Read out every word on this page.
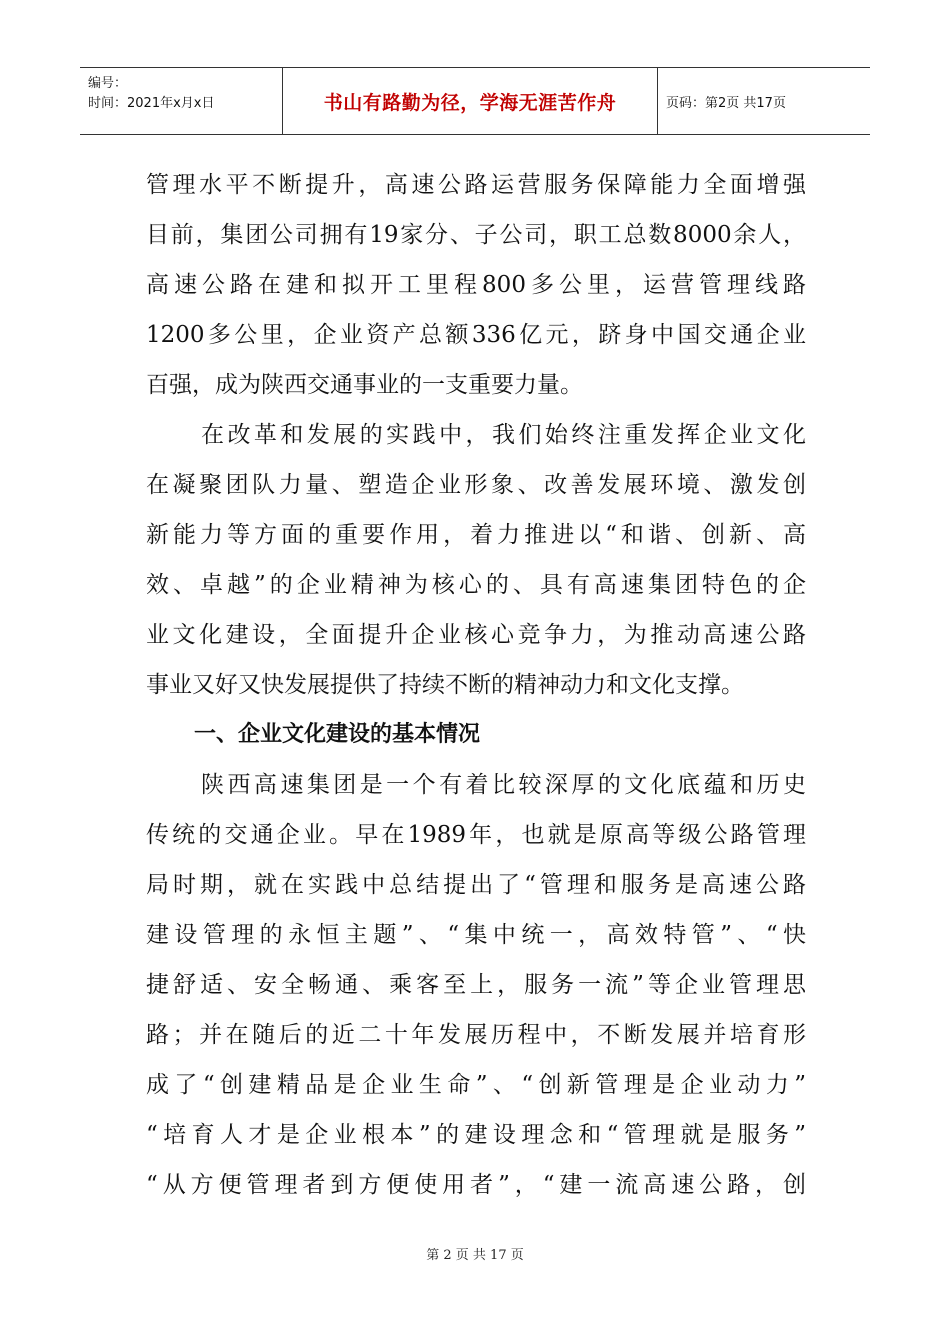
编号：
时间：2021年x月x日	书山有路勤为径，学海无涯苦作舟	页码：第2页 共17页
管理水平不断提升，高速公路运营服务保障能力全面增强
目前，集团公司拥有19家分、子公司，职工总数8000余人，
高速公路在建和拟开工里程800多公里，运营管理线路
1200多公里，企业资产总额336亿元，跻身中国交通企业
百强，成为陕西交通事业的一支重要力量。
在改革和发展的实践中，我们始终注重发挥企业文化
在凝聚团队力量、塑造企业形象、改善发展环境、激发创
新能力等方面的重要作用，着力推进以“和谐、创新、高
效、卓越”的企业精神为核心的、具有高速集团特色的企
业文化建设，全面提升企业核心竞争力，为推动高速公路
事业又好又快发展提供了持续不断的精神动力和文化支撑。
一、企业文化建设的基本情况
陕西高速集团是一个有着比较深厚的文化底蕴和历史
传统的交通企业。早在1989年，也就是原高等级公路管理
局时期，就在实践中总结提出了“管理和服务是高速公路
建设管理的永恒主题”、“集中统一，高效特管”、“快
捷舒适、安全畅通、乘客至上，服务一流”等企业管理思
路；并在随后的近二十年发展历程中，不断发展并培育形
成了“创建精品是企业生命”、“创新管理是企业动力”
“培育人才是企业根本”的建设理念和“管理就是服务”
“从方便管理者到方便使用者”，“建一流高速公路，创
第 2 页 共 17 页
